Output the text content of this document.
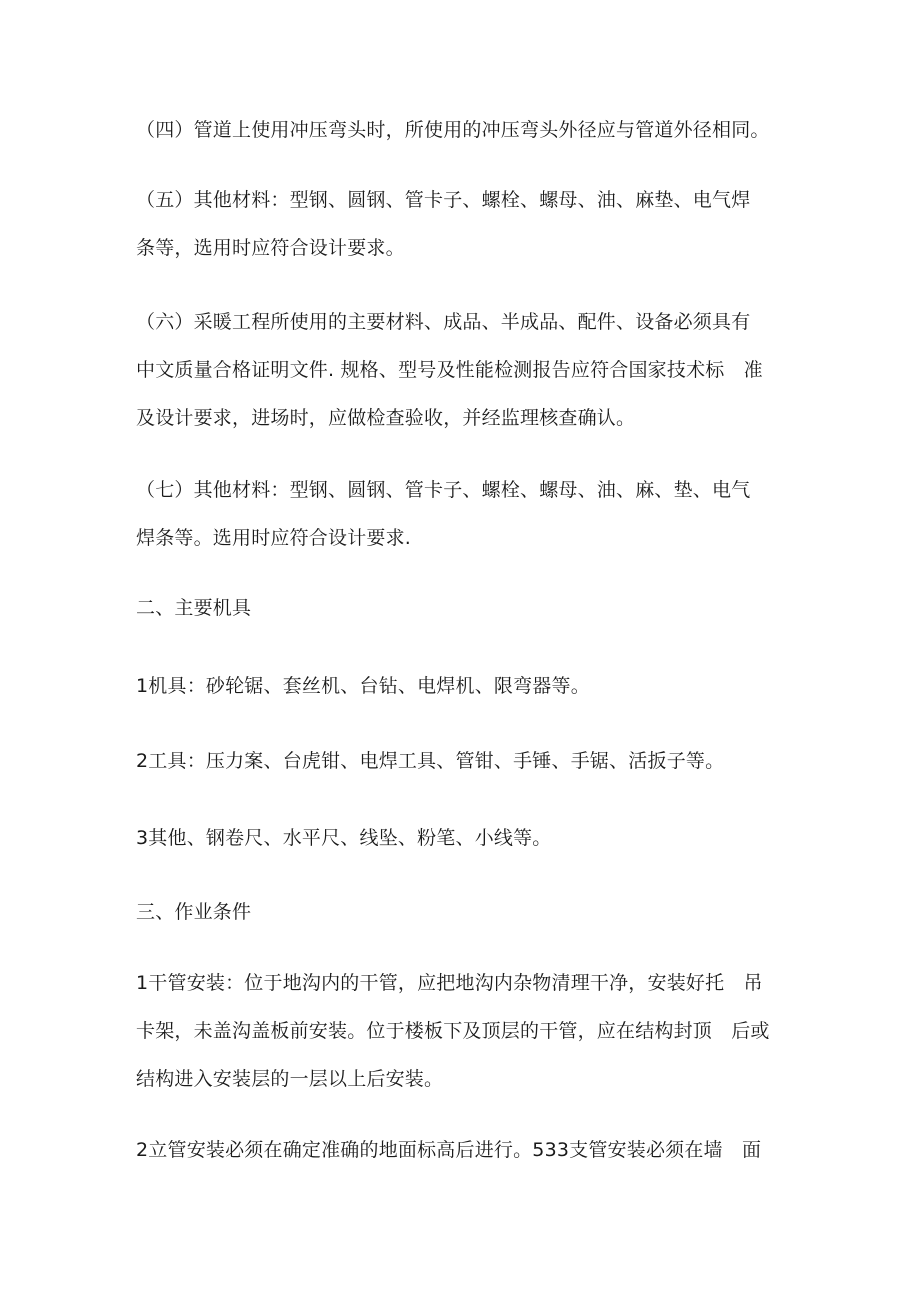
（四）管道上使用冲压弯头时，所使用的冲压弯头外径应与管道外径相同。
（五）其他材料：型钢、圆钢、管卡子、螺栓、螺母、油、麻垫、电气焊
条等，选用时应符合设计要求。
（六）采暖工程所使用的主要材料、成品、半成品、配件、设备必须具有
中文质量合格证明文件. 规格、型号及性能检测报告应符合国家技术标　准
及设计要求，进场时，应做检查验收，并经监理核查确认。
（七）其他材料：型钢、圆钢、管卡子、螺栓、螺母、油、麻、垫、电气
焊条等。选用时应符合设计要求.
二、主要机具
1机具：砂轮锯、套丝机、台钻、电焊机、限弯器等。
2工具：压力案、台虎钳、电焊工具、管钳、手锤、手锯、活扳子等。
3其他、钢卷尺、水平尺、线坠、粉笔、小线等。
三、作业条件
1干管安装：位于地沟内的干管，应把地沟内杂物清理干净，安装好托　吊
卡架，未盖沟盖板前安装。位于楼板下及顶层的干管，应在结构封顶　后或
结构进入安装层的一层以上后安装。
2立管安装必须在确定准确的地面标高后进行。533支管安装必须在墙　面
